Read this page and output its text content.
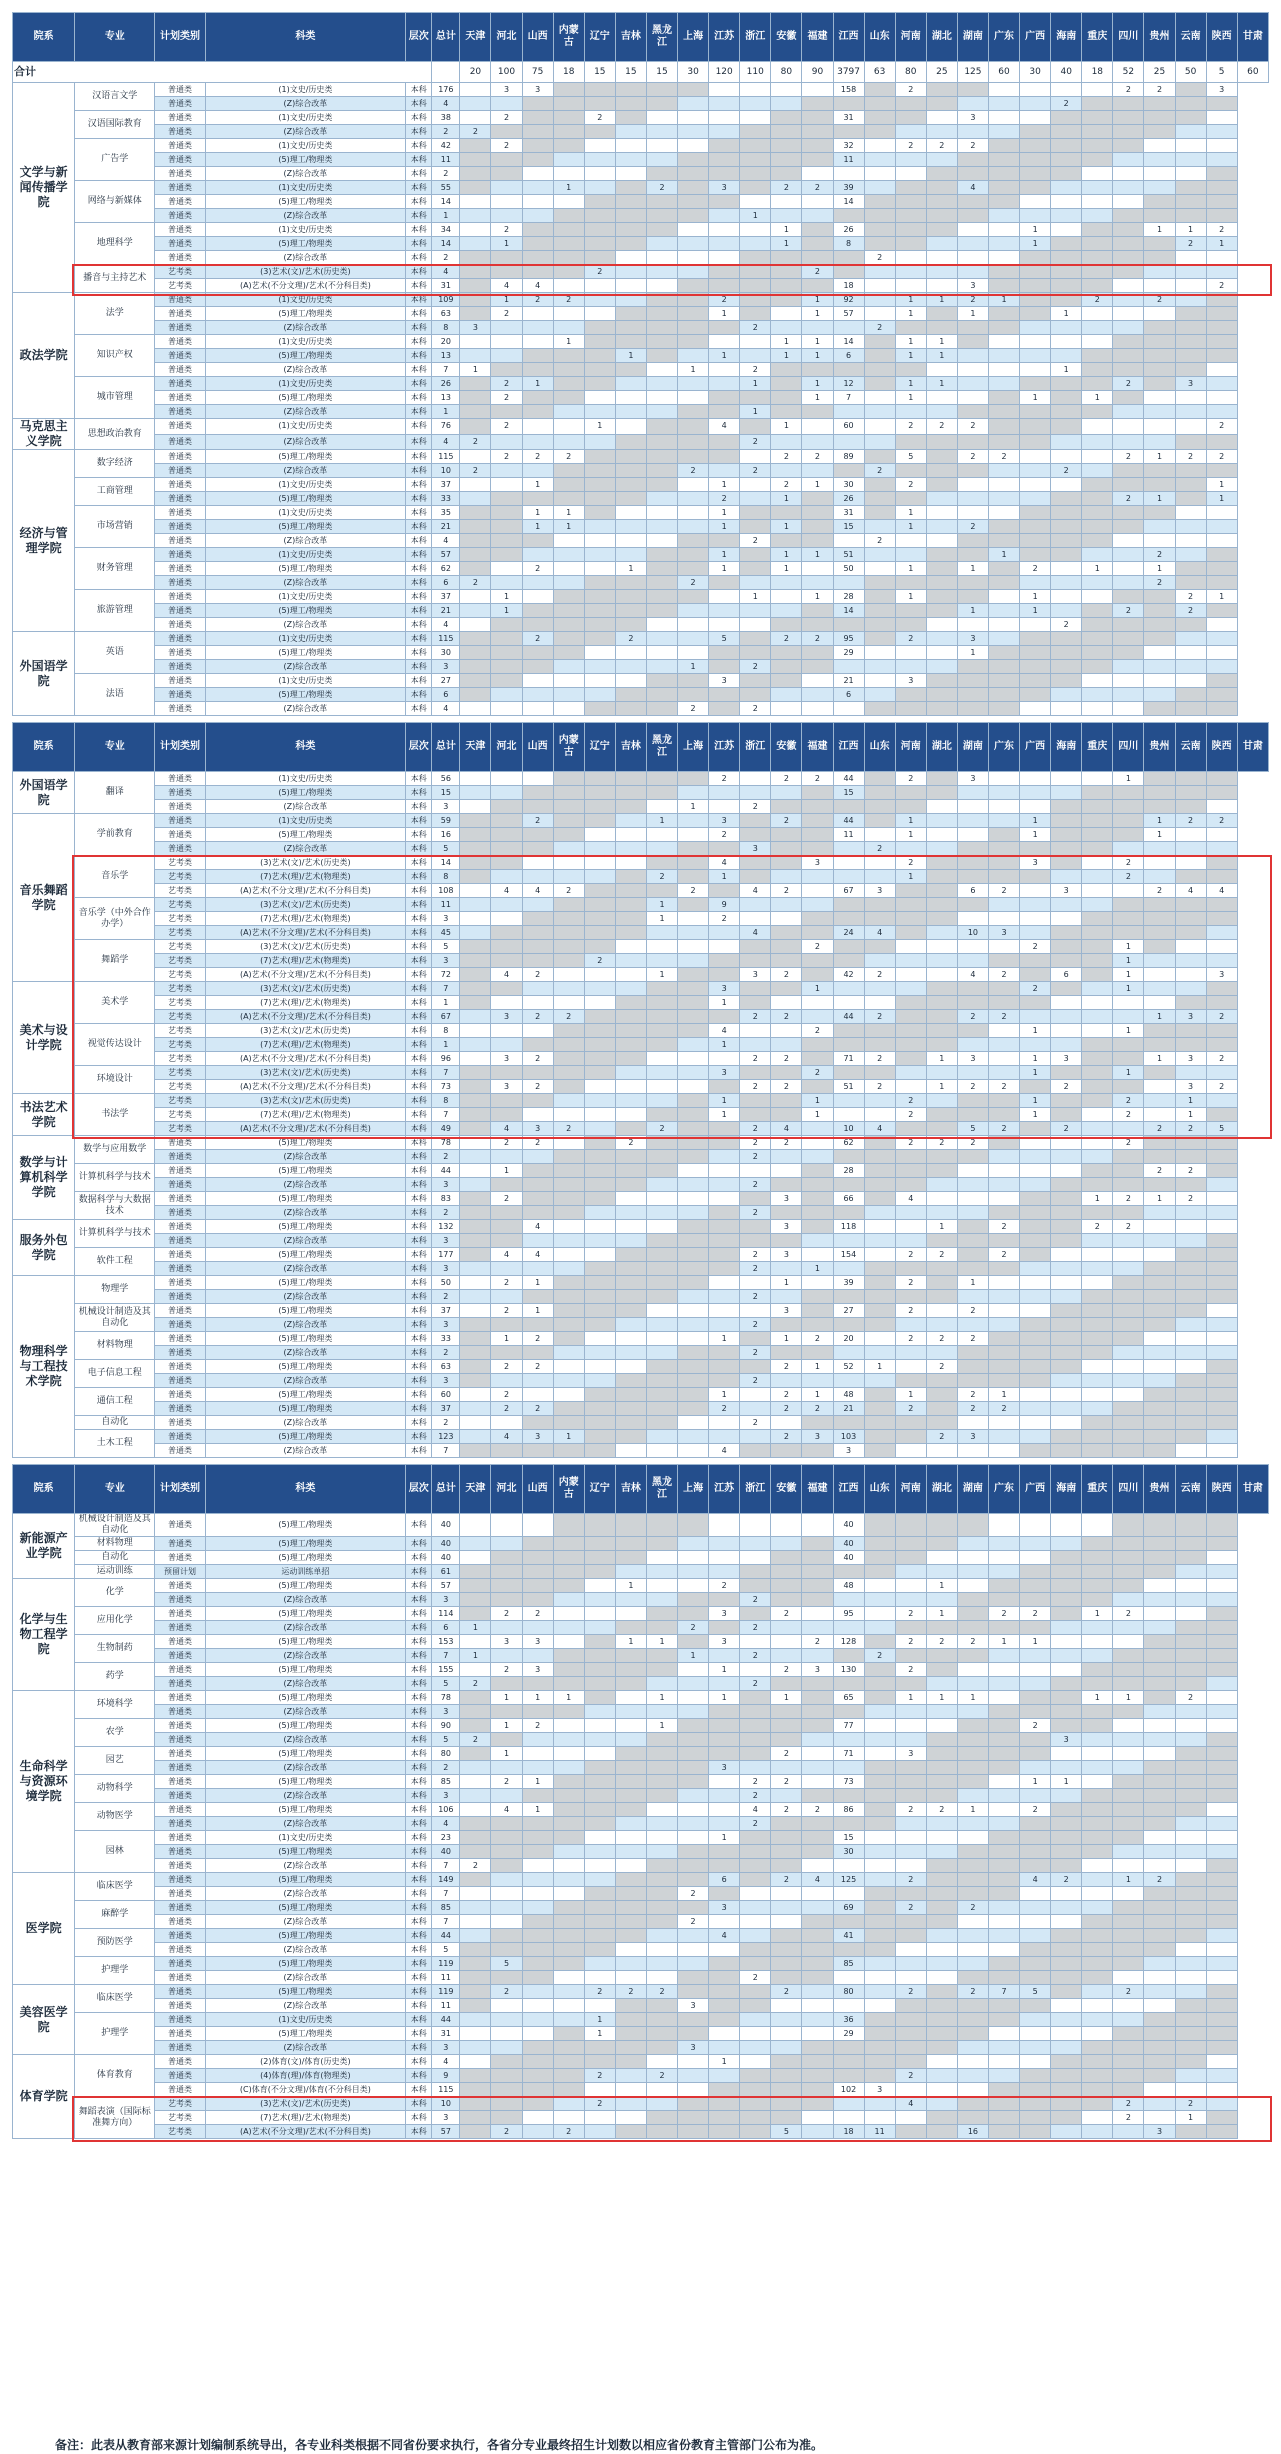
院系	专业	计划类别	科类	层次	总计	天津	河北	山西	内蒙古	辽宁	吉林	黑龙江	上海	江苏	浙江	安徽	福建	江西	山东	河南	湖北	湖南	广东	广西	海南	重庆	四川	贵州	云南	陕西	甘肃
合计						20	100	75	18	15	15	15	30	120	110	80	90	3797	63	80	25	125	60	30	40	18	52	25	50	5	60
文学与新闻传播学院	汉语言文学	普通类	(1)文史/历史类	本科	176		3	3										158		2							2	2		3	
		普通类	(Z)综合改革	本科	4																				2						
	汉语国际教育	普通类	(1)文史/历史类	本科	38		2			2								31				3									
		普通类	(Z)综合改革	本科	2	2																									
	广告学	普通类	(1)文史/历史类	本科	42		2											32		2	2	2									
		普通类	(5)理工/物理类	本科	11													11													
		普通类	(Z)综合改革	本科	2																										
	网络与新媒体	普通类	(1)文史/历史类	本科	55				1			2		3		2	2	39				4									
		普通类	(5)理工/物理类	本科	14													14													
		普通类	(Z)综合改革	本科	1										1																
	地理科学	普通类	(1)文史/历史类	本科	34		2									1		26						1				1	1	2	
		普通类	(5)理工/物理类	本科	14		1									1		8						1					2	1	
		普通类	(Z)综合改革	本科	2														2												
	播音与主持艺术	艺考类	(3)艺术(文)/艺术(历史类)	本科	4					2							2														
		艺考类	(A)艺术(不分文理)/艺术(不分科目类)	本科	31		4	4										18				3								2	
政法学院	法学	普通类	(1)文史/历史类	本科	109		1	2	2					2			1	92		1	1	2	1			2		2			
		普通类	(5)理工/物理类	本科	63		2							1			1	57		1		1			1						
		普通类	(Z)综合改革	本科	8	3									2				2												
	知识产权	普通类	(1)文史/历史类	本科	20				1							1	1	14		1	1										
		普通类	(5)理工/物理类	本科	13						1			1		1	1	6		1	1										
		普通类	(Z)综合改革	本科	7	1							1		2										1						
	城市管理	普通类	(1)文史/历史类	本科	26		2	1							1		1	12		1	1						2		3		
		普通类	(5)理工/物理类	本科	13		2										1	7		1				1		1					
		普通类	(Z)综合改革	本科	1										1																
马克思主义学院	思想政治教育	普通类	(1)文史/历史类	本科	76		2			1				4		1		60		2	2	2								2	
		普通类	(Z)综合改革	本科	4	2									2																
经济与管理学院	数字经济	普通类	(5)理工/物理类	本科	115		2	2	2							2	2	89		5		2	2				2	1	2	2	
		普通类	(Z)综合改革	本科	10	2							2		2				2						2						
	工商管理	普通类	(1)文史/历史类	本科	37			1						1		2	1	30		2										1	
		普通类	(5)理工/物理类	本科	33									2		1		26									2	1		1	
	市场营销	普通类	(1)文史/历史类	本科	35			1	1					1				31		1											
		普通类	(5)理工/物理类	本科	21			1	1					1		1		15		1		2									
		普通类	(Z)综合改革	本科	4										2				2												
	财务管理	普通类	(1)文史/历史类	本科	57									1		1	1	51					1					2			
		普通类	(5)理工/物理类	本科	62			2			1			1		1		50		1		1		2		1		1			
		普通类	(Z)综合改革	本科	6	2							2															2			
	旅游管理	普通类	(1)文史/历史类	本科	37		1								1		1	28		1				1					2	1	
		普通类	(5)理工/物理类	本科	21		1											14				1		1			2		2		
		普通类	(Z)综合改革	本科	4																				2						
外国语学院	英语	普通类	(1)文史/历史类	本科	115			2			2			5		2	2	95		2		3									
		普通类	(5)理工/物理类	本科	30													29				1									
		普通类	(Z)综合改革	本科	3								1		2																
	法语	普通类	(1)文史/历史类	本科	27									3				21		3											
		普通类	(5)理工/物理类	本科	6													6													
		普通类	(Z)综合改革	本科	4								2		2																
院系	专业	计划类别	科类	层次	总计	天津	河北	山西	内蒙古	辽宁	吉林	黑龙江	上海	江苏	浙江	安徽	福建	江西	山东	河南	湖北	湖南	广东	广西	海南	重庆	四川	贵州	云南	陕西	甘肃
外国语学院	翻译	普通类	(1)文史/历史类	本科	56									2		2	2	44		2		3					1				
		普通类	(5)理工/物理类	本科	15													15													
		普通类	(Z)综合改革	本科	3								1		2																
音乐舞蹈学院	学前教育	普通类	(1)文史/历史类	本科	59			2				1		3		2		44		1				1				1	2	2	
		普通类	(5)理工/物理类	本科	16									2				11		1				1				1			
		普通类	(Z)综合改革	本科	5										3				2												
	音乐学	艺考类	(3)艺术(文)/艺术(历史类)	本科	14									4			3			2				3			2				
		艺考类	(7)艺术(理)/艺术(物理类)	本科	8							2		1						1							2				
		艺考类	(A)艺术(不分文理)/艺术(不分科目类)	本科	108		4	4	2				2		4	2		67	3			6	2		3			2	4	4	
	音乐学（中外合作办学）	艺考类	(3)艺术(文)/艺术(历史类)	本科	11							1		9																	
		艺考类	(7)艺术(理)/艺术(物理类)	本科	3							1		2																	
		艺考类	(A)艺术(不分文理)/艺术(不分科目类)	本科	45										4			24	4			10	3								
	舞蹈学	艺考类	(3)艺术(文)/艺术(历史类)	本科	5												2							2			1				
		艺考类	(7)艺术(理)/艺术(物理类)	本科	3					2																	1				
		艺考类	(A)艺术(不分文理)/艺术(不分科目类)	本科	72		4	2				1			3	2		42	2			4	2		6		1			3	
美术与设计学院	美术学	艺考类	(3)艺术(文)/艺术(历史类)	本科	7									3			1							2			1				
		艺考类	(7)艺术(理)/艺术(物理类)	本科	1									1																	
		艺考类	(A)艺术(不分文理)/艺术(不分科目类)	本科	67		3	2	2						2	2		44	2			2	2					1	3	2	
	视觉传达设计	艺考类	(3)艺术(文)/艺术(历史类)	本科	8									4			2							1			1				
		艺考类	(7)艺术(理)/艺术(物理类)	本科	1									1																	
		艺考类	(A)艺术(不分文理)/艺术(不分科目类)	本科	96		3	2							2	2		71	2		1	3		1	3			1	3	2	
	环境设计	艺考类	(3)艺术(文)/艺术(历史类)	本科	7									3			2							1			1				
		艺考类	(A)艺术(不分文理)/艺术(不分科目类)	本科	73		3	2							2	2		51	2		1	2	2		2				3	2	
书法艺术学院	书法学	艺考类	(3)艺术(文)/艺术(历史类)	本科	8									1			1			2				1			2		1		
		艺考类	(7)艺术(理)/艺术(物理类)	本科	7									1			1			2				1			2		1		
		艺考类	(A)艺术(不分文理)/艺术(不分科目类)	本科	49		4	3	2			2			2	4		10	4			5	2		2			2	2	5	
数学与计算机科学学院	数学与应用数学	普通类	(5)理工/物理类	本科	78		2	2			2				2	2		62		2	2	2					2				
		普通类	(Z)综合改革	本科	2										2																
	计算机科学与技术	普通类	(5)理工/物理类	本科	44		1											28										2	2		
		普通类	(Z)综合改革	本科	3										2																
	数据科学与大数据技术	普通类	(5)理工/物理类	本科	83		2									3		66		4						1	2	1	2		
		普通类	(Z)综合改革	本科	2										2																
服务外包学院	计算机科学与技术	普通类	(5)理工/物理类	本科	132			4								3		118			1		2			2	2				
		普通类	(Z)综合改革	本科	3																										
	软件工程	普通类	(5)理工/物理类	本科	177		4	4							2	3		154		2	2		2								
		普通类	(Z)综合改革	本科	3										2		1														
物理科学与工程技术学院	物理学	普通类	(5)理工/物理类	本科	50		2	1								1		39		2		1									
		普通类	(Z)综合改革	本科	2										2																
	机械设计制造及其自动化	普通类	(5)理工/物理类	本科	37		2	1								3		27		2		2									
		普通类	(Z)综合改革	本科	3										2																
	材料物理	普通类	(5)理工/物理类	本科	33		1	2						1		1	2	20		2	2	2									
		普通类	(Z)综合改革	本科	2										2																
	电子信息工程	普通类	(5)理工/物理类	本科	63		2	2								2	1	52	1		2										
		普通类	(Z)综合改革	本科	3										2																
	通信工程	普通类	(5)理工/物理类	本科	60		2							1		2	1	48		1		2	1								
		普通类	(5)理工/物理类	本科	37		2	2						2		2	2	21		2		2	2								
	自动化	普通类	(Z)综合改革	本科	2										2																
	土木工程	普通类	(5)理工/物理类	本科	123		4	3	1							2	3	103			2	3									
		普通类	(Z)综合改革	本科	7									4				3													
院系	专业	计划类别	科类	层次	总计	天津	河北	山西	内蒙古	辽宁	吉林	黑龙江	上海	江苏	浙江	安徽	福建	江西	山东	河南	湖北	湖南	广东	广西	海南	重庆	四川	贵州	云南	陕西	甘肃
新能源产业学院	机械设计制造及其自动化	普通类	(5)理工/物理类	本科	40													40													
	材料物理	普通类	(5)理工/物理类	本科	40													40													
	自动化	普通类	(5)理工/物理类	本科	40													40													
	运动训练	预留计划	运动训练单招	本科	61																										
化学与生物工程学院	化学	普通类	(5)理工/物理类	本科	57						1			2				48			1										
		普通类	(Z)综合改革	本科	3										2																
	应用化学	普通类	(5)理工/物理类	本科	114		2	2						3		2		95		2	1		2	2		1	2				
		普通类	(Z)综合改革	本科	6	1							2		2																
	生物制药	普通类	(5)理工/物理类	本科	153		3	3			1	1		3			2	128		2	2	2	1	1							
		普通类	(Z)综合改革	本科	7	1							1		2				2												
	药学	普通类	(5)理工/物理类	本科	155		2	3						1		2	3	130		2											
		普通类	(Z)综合改革	本科	5	2									2																
生命科学与资源环境学院	环境科学	普通类	(5)理工/物理类	本科	78		1	1	1			1		1		1		65		1	1	1				1	1		2		
		普通类	(Z)综合改革	本科	3																										
	农学	普通类	(5)理工/物理类	本科	90		1	2				1						77						2							
		普通类	(Z)综合改革	本科	5	2																			3						
	园艺	普通类	(5)理工/物理类	本科	80		1									2		71		3											
		普通类	(Z)综合改革	本科	2									3																	
	动物科学	普通类	(5)理工/物理类	本科	85		2	1							2	2		73						1	1						
		普通类	(Z)综合改革	本科	3										2																
	动物医学	普通类	(5)理工/物理类	本科	106		4	1							4	2	2	86		2	2	1		2							
		普通类	(Z)综合改革	本科	4										2																
	园林	普通类	(1)文史/历史类	本科	23									1				15													
		普通类	(5)理工/物理类	本科	40													30													
		普通类	(Z)综合改革	本科	7	2																									
医学院	临床医学	普通类	(5)理工/物理类	本科	149									6		2	4	125		2				4	2		1	2			
		普通类	(Z)综合改革	本科	7								2																		
	麻醉学	普通类	(5)理工/物理类	本科	85									3				69		2		2									
		普通类	(Z)综合改革	本科	7								2																		
	预防医学	普通类	(5)理工/物理类	本科	44									4				41													
		普通类	(Z)综合改革	本科	5																										
	护理学	普通类	(5)理工/物理类	本科	119		5											85													
		普通类	(Z)综合改革	本科	11										2																
美容医学院	临床医学	普通类	(5)理工/物理类	本科	119		2			2	2	2				2		80		2		2	7	5			2				
		普通类	(Z)综合改革	本科	11								3																		
	护理学	普通类	(1)文史/历史类	本科	44					1								36													
		普通类	(5)理工/物理类	本科	31					1								29													
		普通类	(Z)综合改革	本科	3								3																		
体育学院	体育教育	普通类	(2)体育(文)/体育(历史类)	本科	4									1																	
		普通类	(4)体育(理)/体育(物理类)	本科	9					2		2								2											
		普通类	(C)体育(不分文理)/体育(不分科目类)	本科	115													102	3												
	舞蹈表演（国际标准舞方向）	艺考类	(3)艺术(文)/艺术(历史类)	本科	10					2										4							2		2		
		艺考类	(7)艺术(理)/艺术(物理类)	本科	3																						2		1		
		艺考类	(A)艺术(不分文理)/艺术(不分科目类)	本科	57		2		2							5		18	11			16						3			
备注：此表从教育部来源计划编制系统导出，各专业科类根据不同省份要求执行，各省分专业最终招生计划数以相应省份教育主管部门公布为准。
